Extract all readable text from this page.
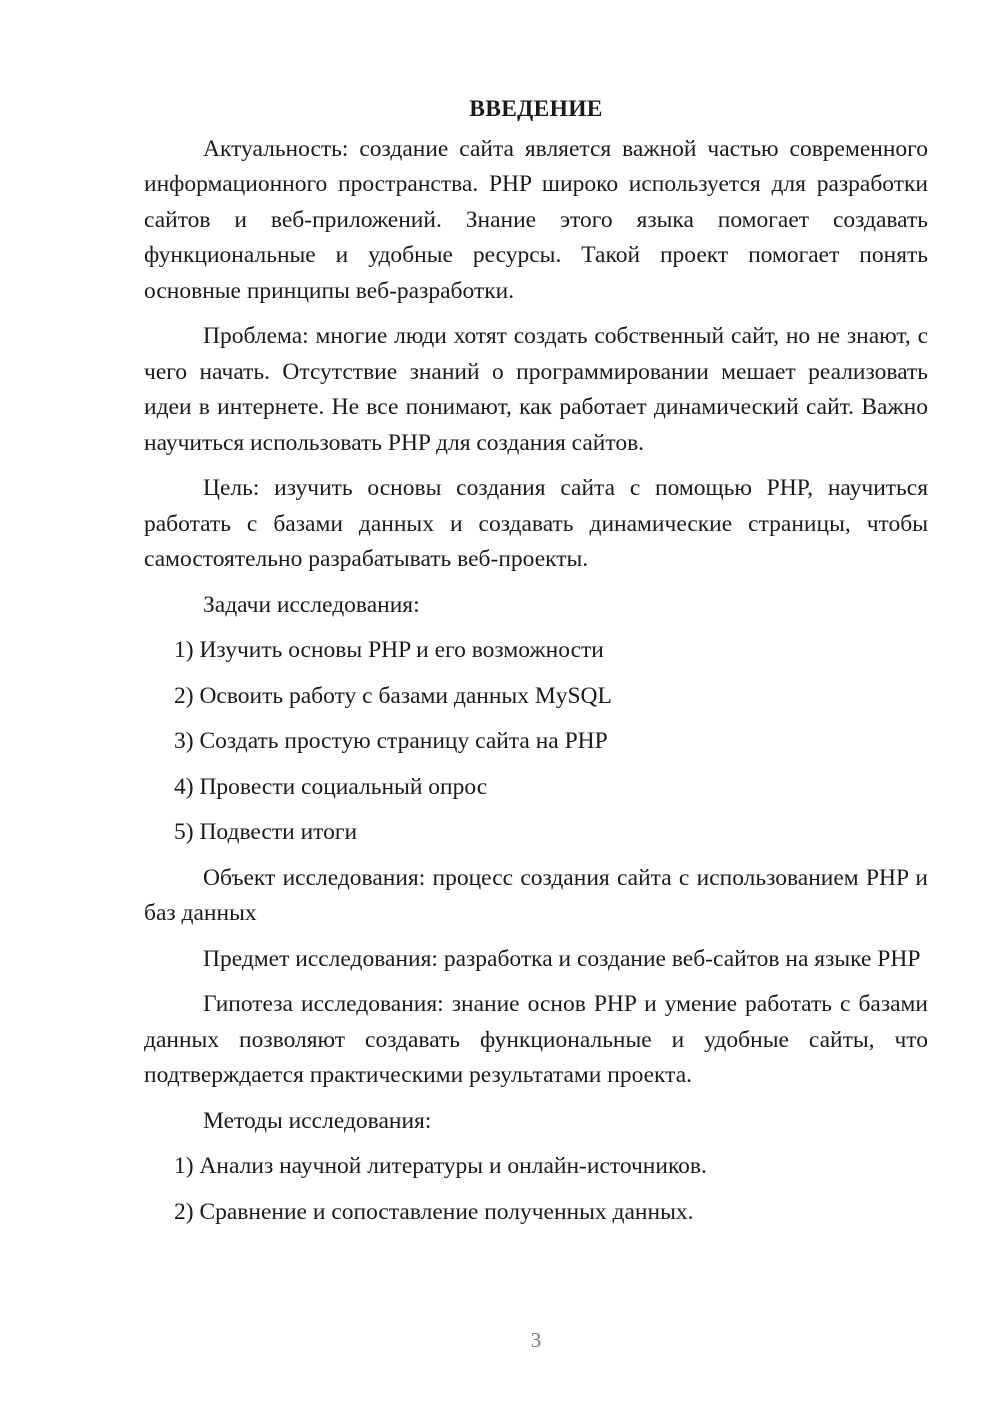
ВВЕДЕНИЕ

Актуальность: создание сайта является важной частью современного информационного пространства. PHP широко используется для разработки сайтов и веб-приложений. Знание этого языка помогает создавать функциональные и удобные ресурсы. Такой проект помогает понять основные принципы веб-разработки.

Проблема: многие люди хотят создать собственный сайт, но не знают, с чего начать. Отсутствие знаний о программировании мешает реализовать идеи в интернете. Не все понимают, как работает динамический сайт. Важно научиться использовать PHP для создания сайтов.

Цель: изучить основы создания сайта с помощью PHP, научиться работать с базами данных и создавать динамические страницы, чтобы самостоятельно разрабатывать веб-проекты.

Задачи исследования:

1) Изучить основы PHP и его возможности
2) Освоить работу с базами данных MySQL
3) Создать простую страницу сайта на PHP
4) Провести социальный опрос
5) Подвести итоги

Объект исследования: процесс создания сайта с использованием PHP и баз данных

Предмет исследования: разработка и создание веб-сайтов на языке PHP

Гипотеза исследования: знание основ PHP и умение работать с базами данных позволяют создавать функциональные и удобные сайты, что подтверждается практическими результатами проекта.

Методы исследования:

1) Анализ научной литературы и онлайн-источников.
2) Сравнение и сопоставление полученных данных.
3
